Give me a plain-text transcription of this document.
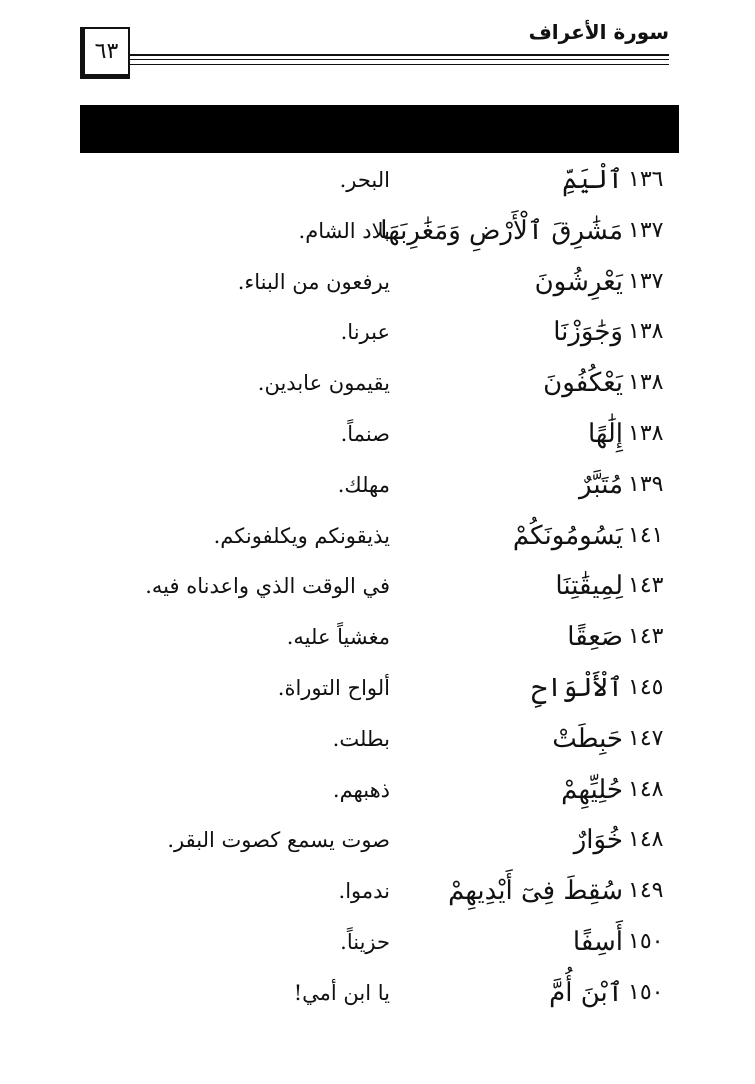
٦٣
سورة الأعراف
١٣٦
ٱلْيَمِّ
البحر.
١٣٧
مَشَٰرِقَ ٱلْأَرْضِ وَمَغَٰرِبَهَا
بلاد الشام.
١٣٧
يَعْرِشُونَ
يرفعون من البناء.
١٣٨
وَجَٰوَزْنَا
عبرنا.
١٣٨
يَعْكُفُونَ
يقيمون عابدين.
١٣٨
إِلَٰهًا
صنماً.
١٣٩
مُتَبَّرٌ
مهلك.
١٤١
يَسُومُونَكُمْ
يذيقونكم ويكلفونكم.
١٤٣
لِمِيقَٰتِنَا
في الوقت الذي واعدناه فيه.
١٤٣
صَعِقًا
مغشياً عليه.
١٤٥
ٱلْأَلْوَاحِ
ألواح التوراة.
١٤٧
حَبِطَتْ
بطلت.
١٤٨
حُلِيِّهِمْ
ذهبهم.
١٤٨
خُوَارٌ
صوت يسمع كصوت البقر.
١٤٩
سُقِطَ فِىٓ أَيْدِيهِمْ
ندموا.
١٥٠
أَسِفًا
حزيناً.
١٥٠
ٱبْنَ أُمَّ
يا ابن أمي!
